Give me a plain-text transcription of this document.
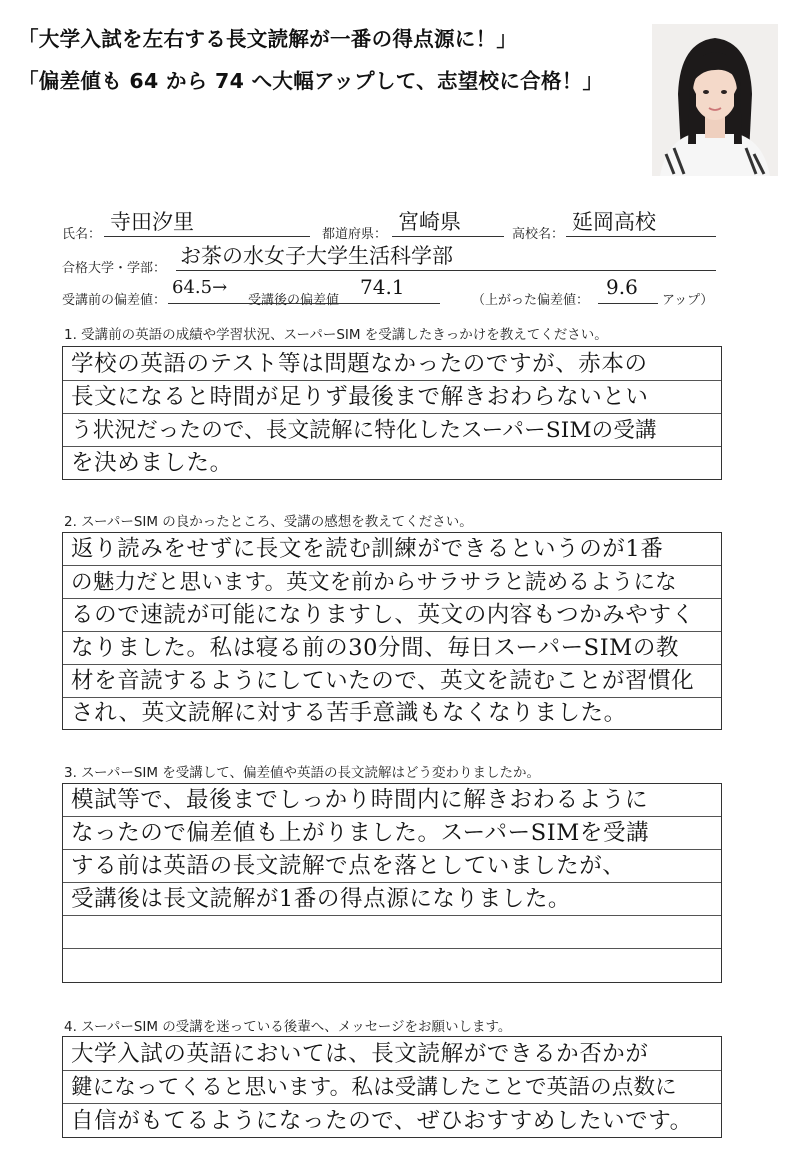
「大学入試を左右する長文読解が一番の得点源に！」
「偏差値も 64 から 74 へ大幅アップして、志望校に合格！」
氏名：
寺田汐里
都道府県：
宮崎県
高校名：
延岡高校
合格大学・学部：
お茶の水女子大学生活科学部
受講前の偏差値：
64.5→
受講後の偏差値
74.1
（上がった偏差値：
9.6
アップ）
1. 受講前の英語の成績や学習状況、スーパーSIM を受講したきっかけを教えてください。
学校の英語のテスト等は問題なかったのですが、赤本の
長文になると時間が足りず最後まで解きおわらないとい
う状況だったので、長文読解に特化したスーパーSIMの受講
を決めました。
2. スーパーSIM の良かったところ、受講の感想を教えてください。
返り読みをせずに長文を読む訓練ができるというのが1番
の魅力だと思います。英文を前からサラサラと読めるようにな
るので速読が可能になりますし、英文の内容もつかみやすく
なりました。私は寝る前の30分間、毎日スーパーSIMの教
材を音読するようにしていたので、英文を読むことが習慣化
され、英文読解に対する苦手意識もなくなりました。
3. スーパーSIM を受講して、偏差値や英語の長文読解はどう変わりましたか。
模試等で、最後までしっかり時間内に解きおわるように
なったので偏差値も上がりました。スーパーSIMを受講
する前は英語の長文読解で点を落としていましたが、
受講後は長文読解が1番の得点源になりました。
4. スーパーSIM の受講を迷っている後輩へ、メッセージをお願いします。
大学入試の英語においては、長文読解ができるか否かが
鍵になってくると思います。私は受講したことで英語の点数に
自信がもてるようになったので、ぜひおすすめしたいです。
